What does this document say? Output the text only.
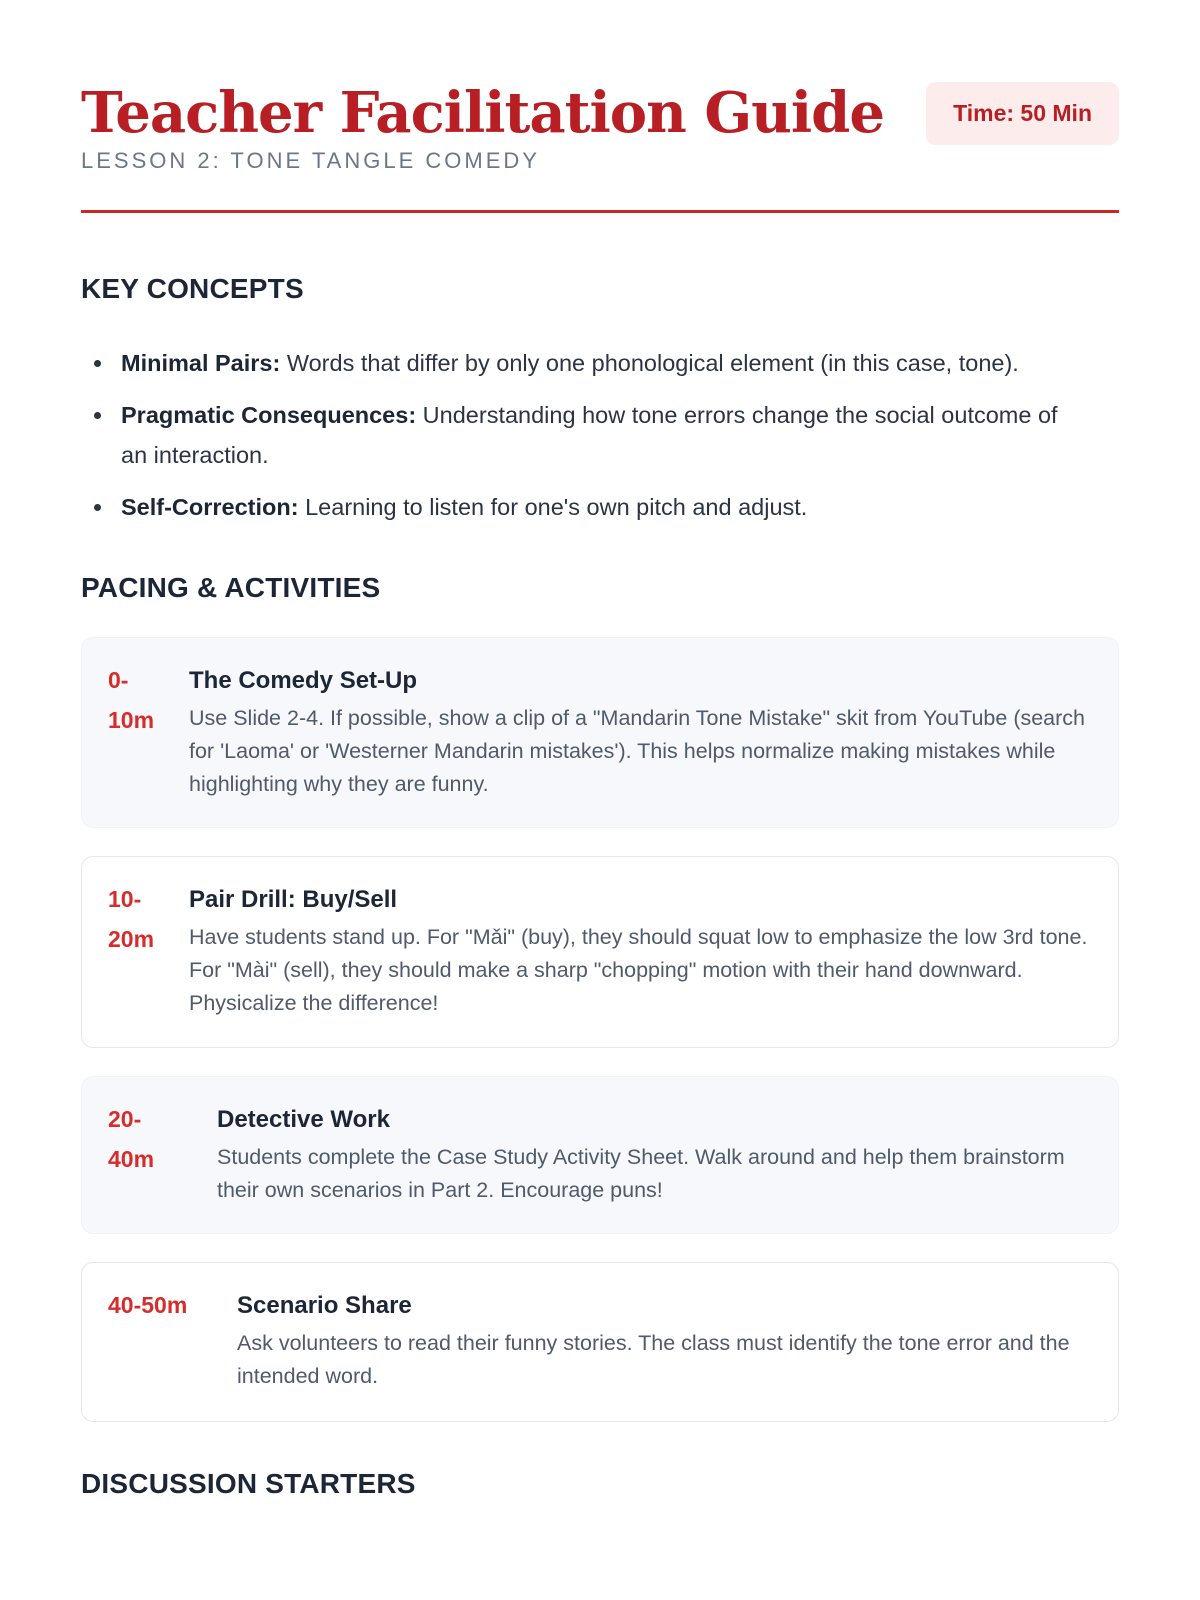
Teacher Facilitation Guide
LESSON 2: TONE TANGLE COMEDY
Time: 50 Min
KEY CONCEPTS
Minimal Pairs: Words that differ by only one phonological element (in this case, tone).
Pragmatic Consequences: Understanding how tone errors change the social outcome of an interaction.
Self-Correction: Learning to listen for one's own pitch and adjust.
PACING & ACTIVITIES
0-10m
The Comedy Set-Up
Use Slide 2-4. If possible, show a clip of a "Mandarin Tone Mistake" skit from YouTube (search for 'Laoma' or 'Westerner Mandarin mistakes'). This helps normalize making mistakes while highlighting why they are funny.
10-20m
Pair Drill: Buy/Sell
Have students stand up. For "Mǎi" (buy), they should squat low to emphasize the low 3rd tone. For "Mài" (sell), they should make a sharp "chopping" motion with their hand downward. Physicalize the difference!
20-40m
Detective Work
Students complete the Case Study Activity Sheet. Walk around and help them brainstorm their own scenarios in Part 2. Encourage puns!
40-50m	Scenario Share
Ask volunteers to read their funny stories. The class must identify the tone error and the intended word.
DISCUSSION STARTERS
